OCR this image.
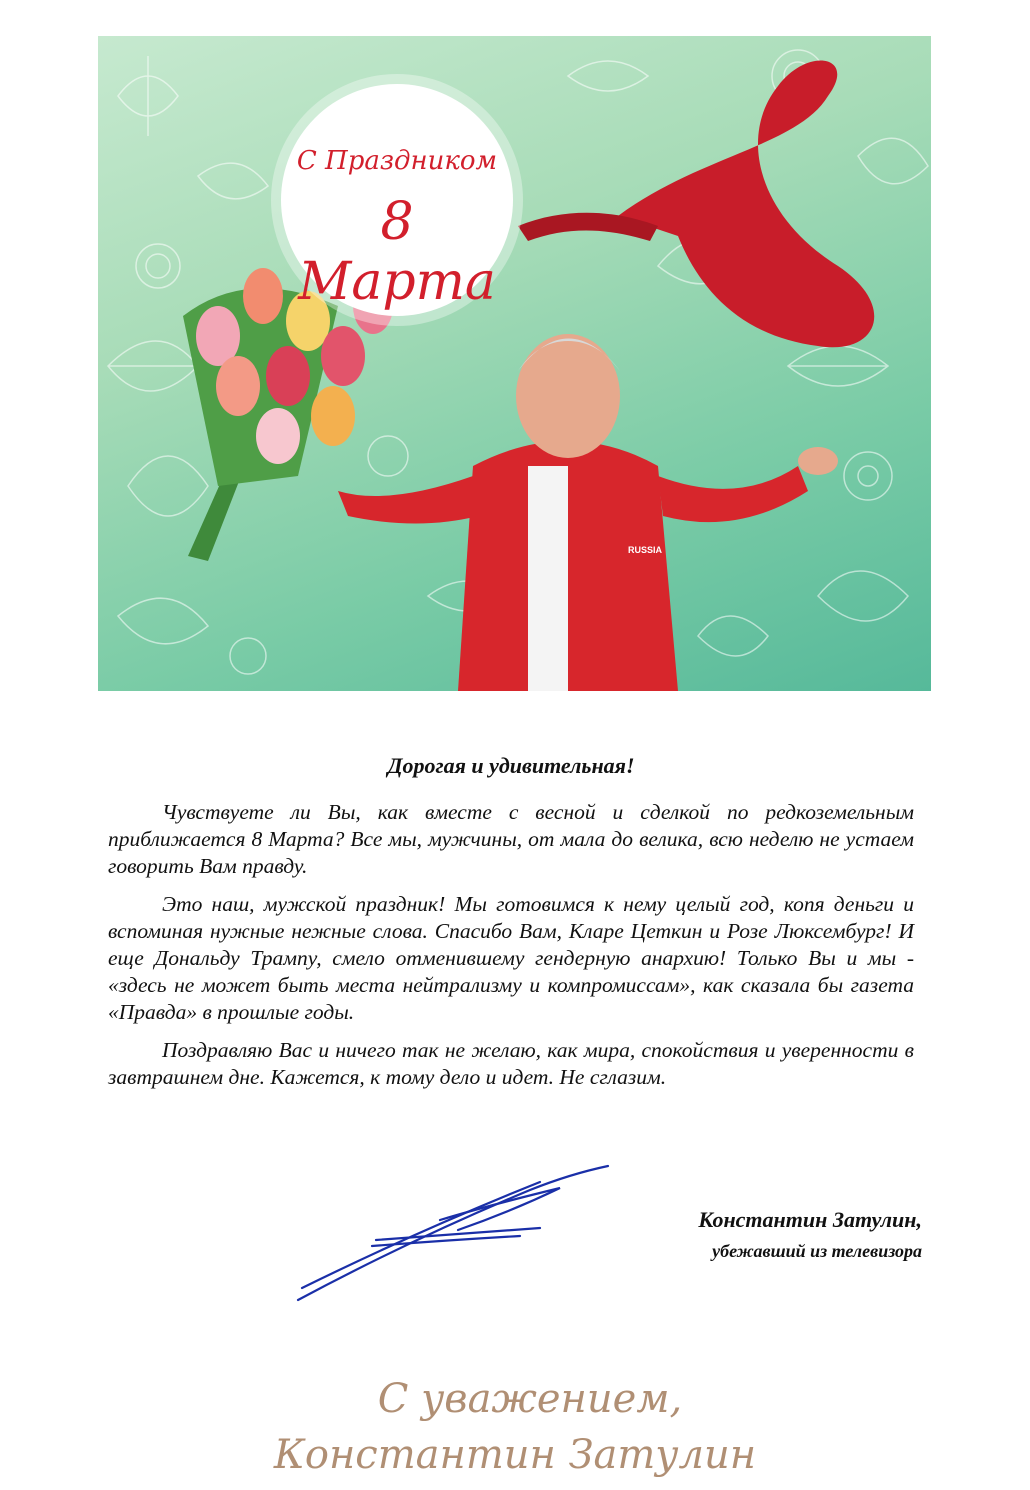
RUSSIA
С Праздником
8 Марта

Дорогая и удивительная!

Чувствуете ли Вы, как вместе с весной и сделкой по редкоземельным приближается 8 Марта? Все мы, мужчины, от мала до велика, всю неделю не устаем говорить Вам правду.

Это наш, мужской праздник! Мы готовимся к нему целый год, копя деньги и вспоминая нужные нежные слова. Спасибо Вам, Кларе Цеткин и Розе Люксембург! И еще Дональду Трампу, смело отменившему гендерную анархию! Только Вы и мы - «здесь не может быть места нейтрализму и компромиссам», как сказала бы газета «Правда» в прошлые годы.

Поздравляю Вас и ничего так не желаю, как мира, спокойствия и уверенности в завтрашнем дне. Кажется, к тому дело и идет. Не сглазим.

Константин Затулин,
убежавший из телевизора
С уважением,
Константин Затулин
